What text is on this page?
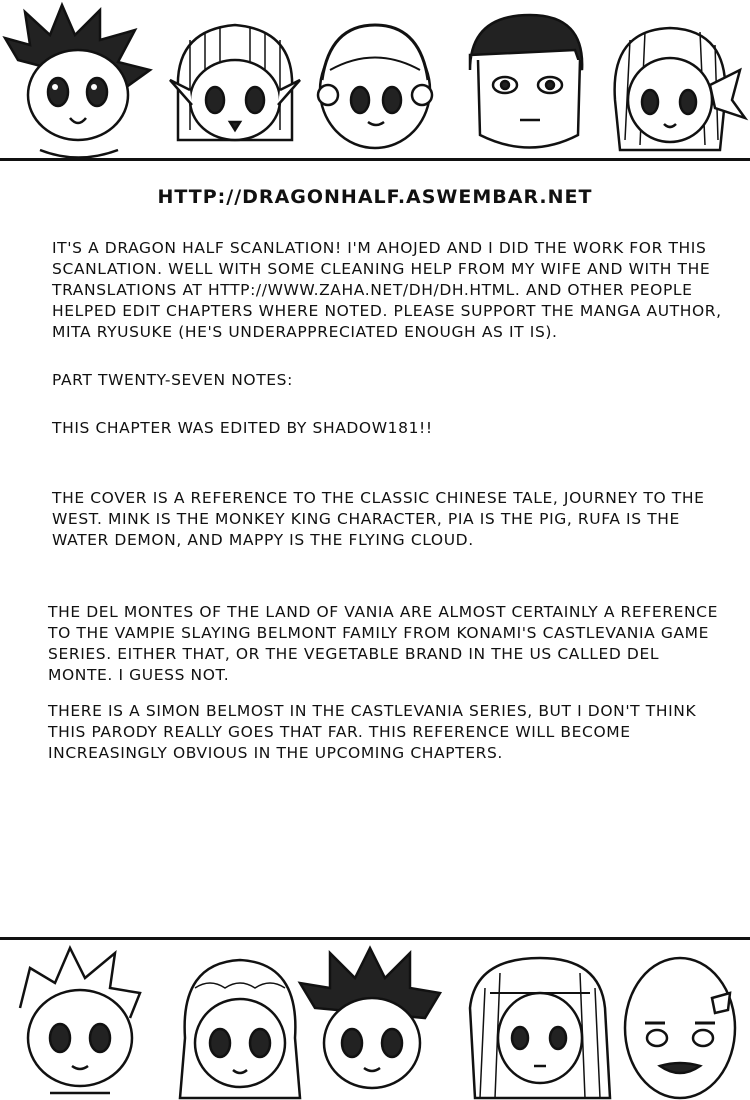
HTTP://DRAGONHALF.ASWEMBAR.NET
IT'S A DRAGON HALF SCANLATION! I'M AHOJED AND I DID THE WORK FOR THIS SCANLATION. WELL WITH SOME CLEANING HELP FROM MY WIFE AND WITH THE TRANSLATIONS AT HTTP://WWW.ZAHA.NET/DH/DH.HTML. AND OTHER PEOPLE HELPED EDIT CHAPTERS WHERE NOTED. PLEASE SUPPORT THE MANGA AUTHOR, MITA RYUSUKE (HE'S UNDERAPPRECIATED ENOUGH AS IT IS).
PART TWENTY-SEVEN NOTES:
THIS CHAPTER WAS EDITED BY SHADOW181!!
THE COVER IS A REFERENCE TO THE CLASSIC CHINESE TALE, JOURNEY TO THE WEST. MINK IS THE MONKEY KING CHARACTER, PIA IS THE PIG, RUFA IS THE WATER DEMON, AND MAPPY IS THE FLYING CLOUD.
THE DEL MONTES OF THE LAND OF VANIA ARE ALMOST CERTAINLY A REFERENCE TO THE VAMPIE SLAYING BELMONT FAMILY FROM KONAMI'S CASTLEVANIA GAME SERIES. EITHER THAT, OR THE VEGETABLE BRAND IN THE US CALLED DEL MONTE. I GUESS NOT.
THERE IS A SIMON BELMOST IN THE CASTLEVANIA SERIES, BUT I DON'T THINK THIS PARODY REALLY GOES THAT FAR. THIS REFERENCE WILL BECOME INCREASINGLY OBVIOUS IN THE UPCOMING CHAPTERS.
